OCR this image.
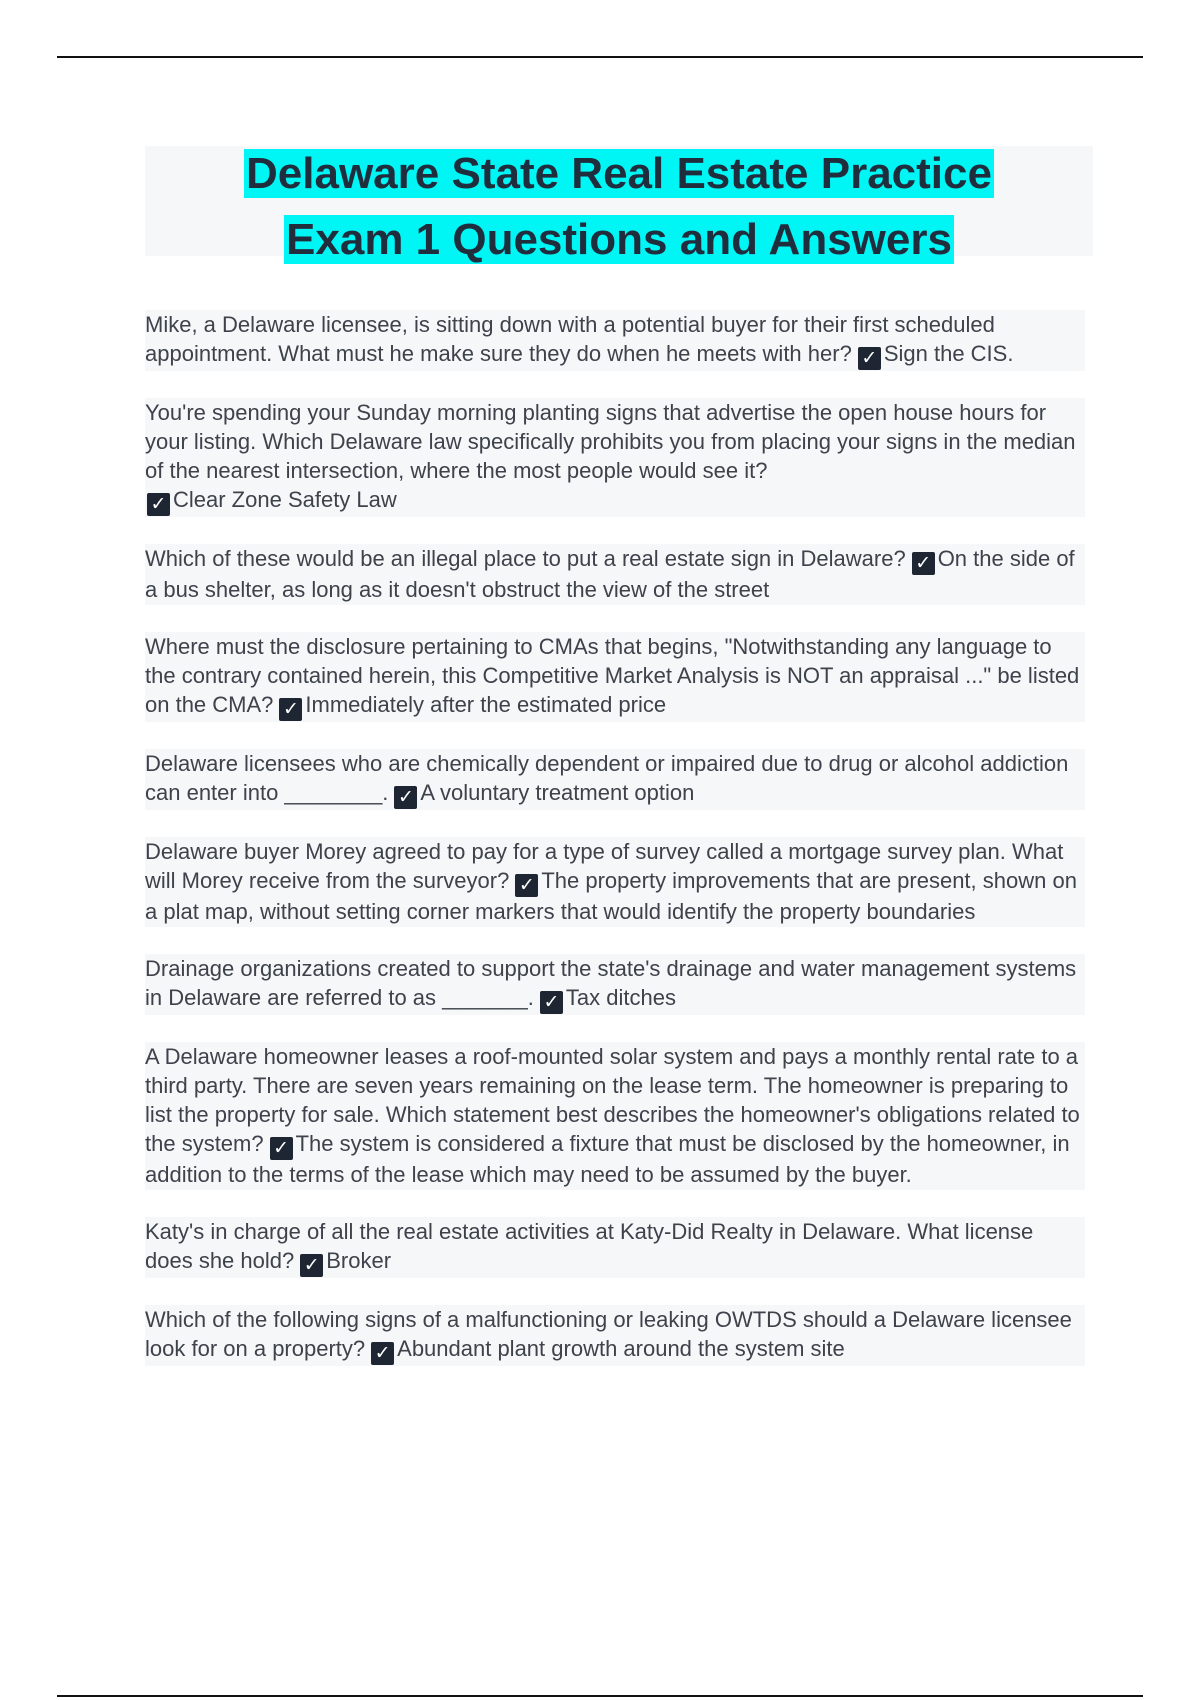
Delaware State Real Estate Practice
Exam 1 Questions and Answers
Mike, a Delaware licensee, is sitting down with a potential buyer for their first scheduled appointment. What must he make sure they do when he meets with her? ✓ Sign the CIS.
You're spending your Sunday morning planting signs that advertise the open house hours for your listing. Which Delaware law specifically prohibits you from placing your signs in the median of the nearest intersection, where the most people would see it?
✓ Clear Zone Safety Law
Which of these would be an illegal place to put a real estate sign in Delaware? ✓ On the side of a bus shelter, as long as it doesn't obstruct the view of the street
Where must the disclosure pertaining to CMAs that begins, "Notwithstanding any language to the contrary contained herein, this Competitive Market Analysis is NOT an appraisal ..." be listed on the CMA? ✓ Immediately after the estimated price
Delaware licensees who are chemically dependent or impaired due to drug or alcohol addiction can enter into ________. ✓ A voluntary treatment option
Delaware buyer Morey agreed to pay for a type of survey called a mortgage survey plan. What will Morey receive from the surveyor? ✓ The property improvements that are present, shown on a plat map, without setting corner markers that would identify the property boundaries
Drainage organizations created to support the state's drainage and water management systems in Delaware are referred to as _______. ✓ Tax ditches
A Delaware homeowner leases a roof-mounted solar system and pays a monthly rental rate to a third party. There are seven years remaining on the lease term. The homeowner is preparing to list the property for sale. Which statement best describes the homeowner's obligations related to the system? ✓ The system is considered a fixture that must be disclosed by the homeowner, in addition to the terms of the lease which may need to be assumed by the buyer.
Katy's in charge of all the real estate activities at Katy-Did Realty in Delaware. What license does she hold? ✓ Broker
Which of the following signs of a malfunctioning or leaking OWTDS should a Delaware licensee look for on a property? ✓ Abundant plant growth around the system site
